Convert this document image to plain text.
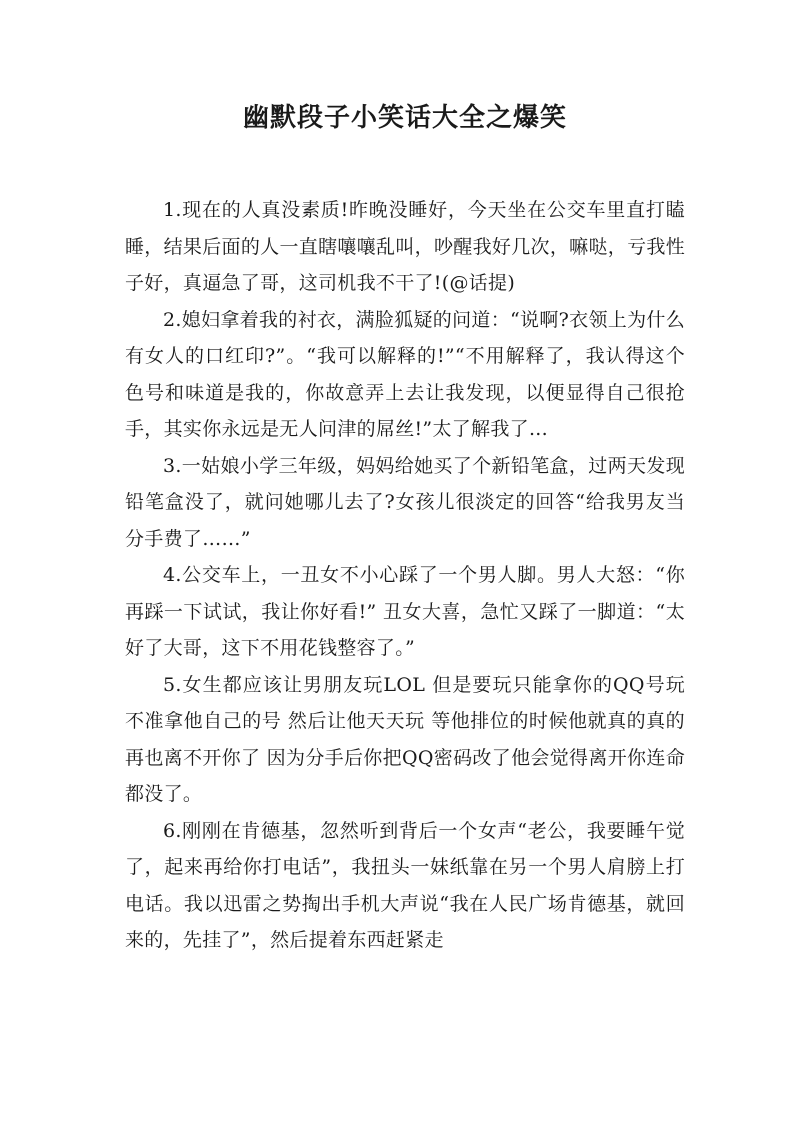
幽默段子小笑话大全之爆笑

1.现在的人真没素质!昨晚没睡好，今天坐在公交车里直打瞌睡，结果后面的人一直瞎嚷嚷乱叫，吵醒我好几次，嘛哒，亏我性子好，真逼急了哥，这司机我不干了!(@话提)

2.媳妇拿着我的衬衣，满脸狐疑的问道：“说啊?衣领上为什么有女人的口红印?”。“我可以解释的!”“不用解释了，我认得这个色号和味道是我的，你故意弄上去让我发现，以便显得自己很抢手，其实你永远是无人问津的屌丝!”太了解我了...

3.一姑娘小学三年级，妈妈给她买了个新铅笔盒，过两天发现铅笔盒没了，就问她哪儿去了?女孩儿很淡定的回答“给我男友当分手费了……”

4.公交车上，一丑女不小心踩了一个男人脚。男人大怒：“你再踩一下试试，我让你好看!” 丑女大喜，急忙又踩了一脚道：“太好了大哥，这下不用花钱整容了。”

5.女生都应该让男朋友玩LOL 但是要玩只能拿你的QQ号玩 不准拿他自己的号 然后让他天天玩 等他排位的时候他就真的真的再也离不开你了 因为分手后你把QQ密码改了他会觉得离开你连命都没了。

6.刚刚在肯德基，忽然听到背后一个女声“老公，我要睡午觉了，起来再给你打电话”，我扭头一妹纸靠在另一个男人肩膀上打电话。我以迅雷之势掏出手机大声说“我在人民广场肯德基，就回来的，先挂了”，然后提着东西赶紧走
